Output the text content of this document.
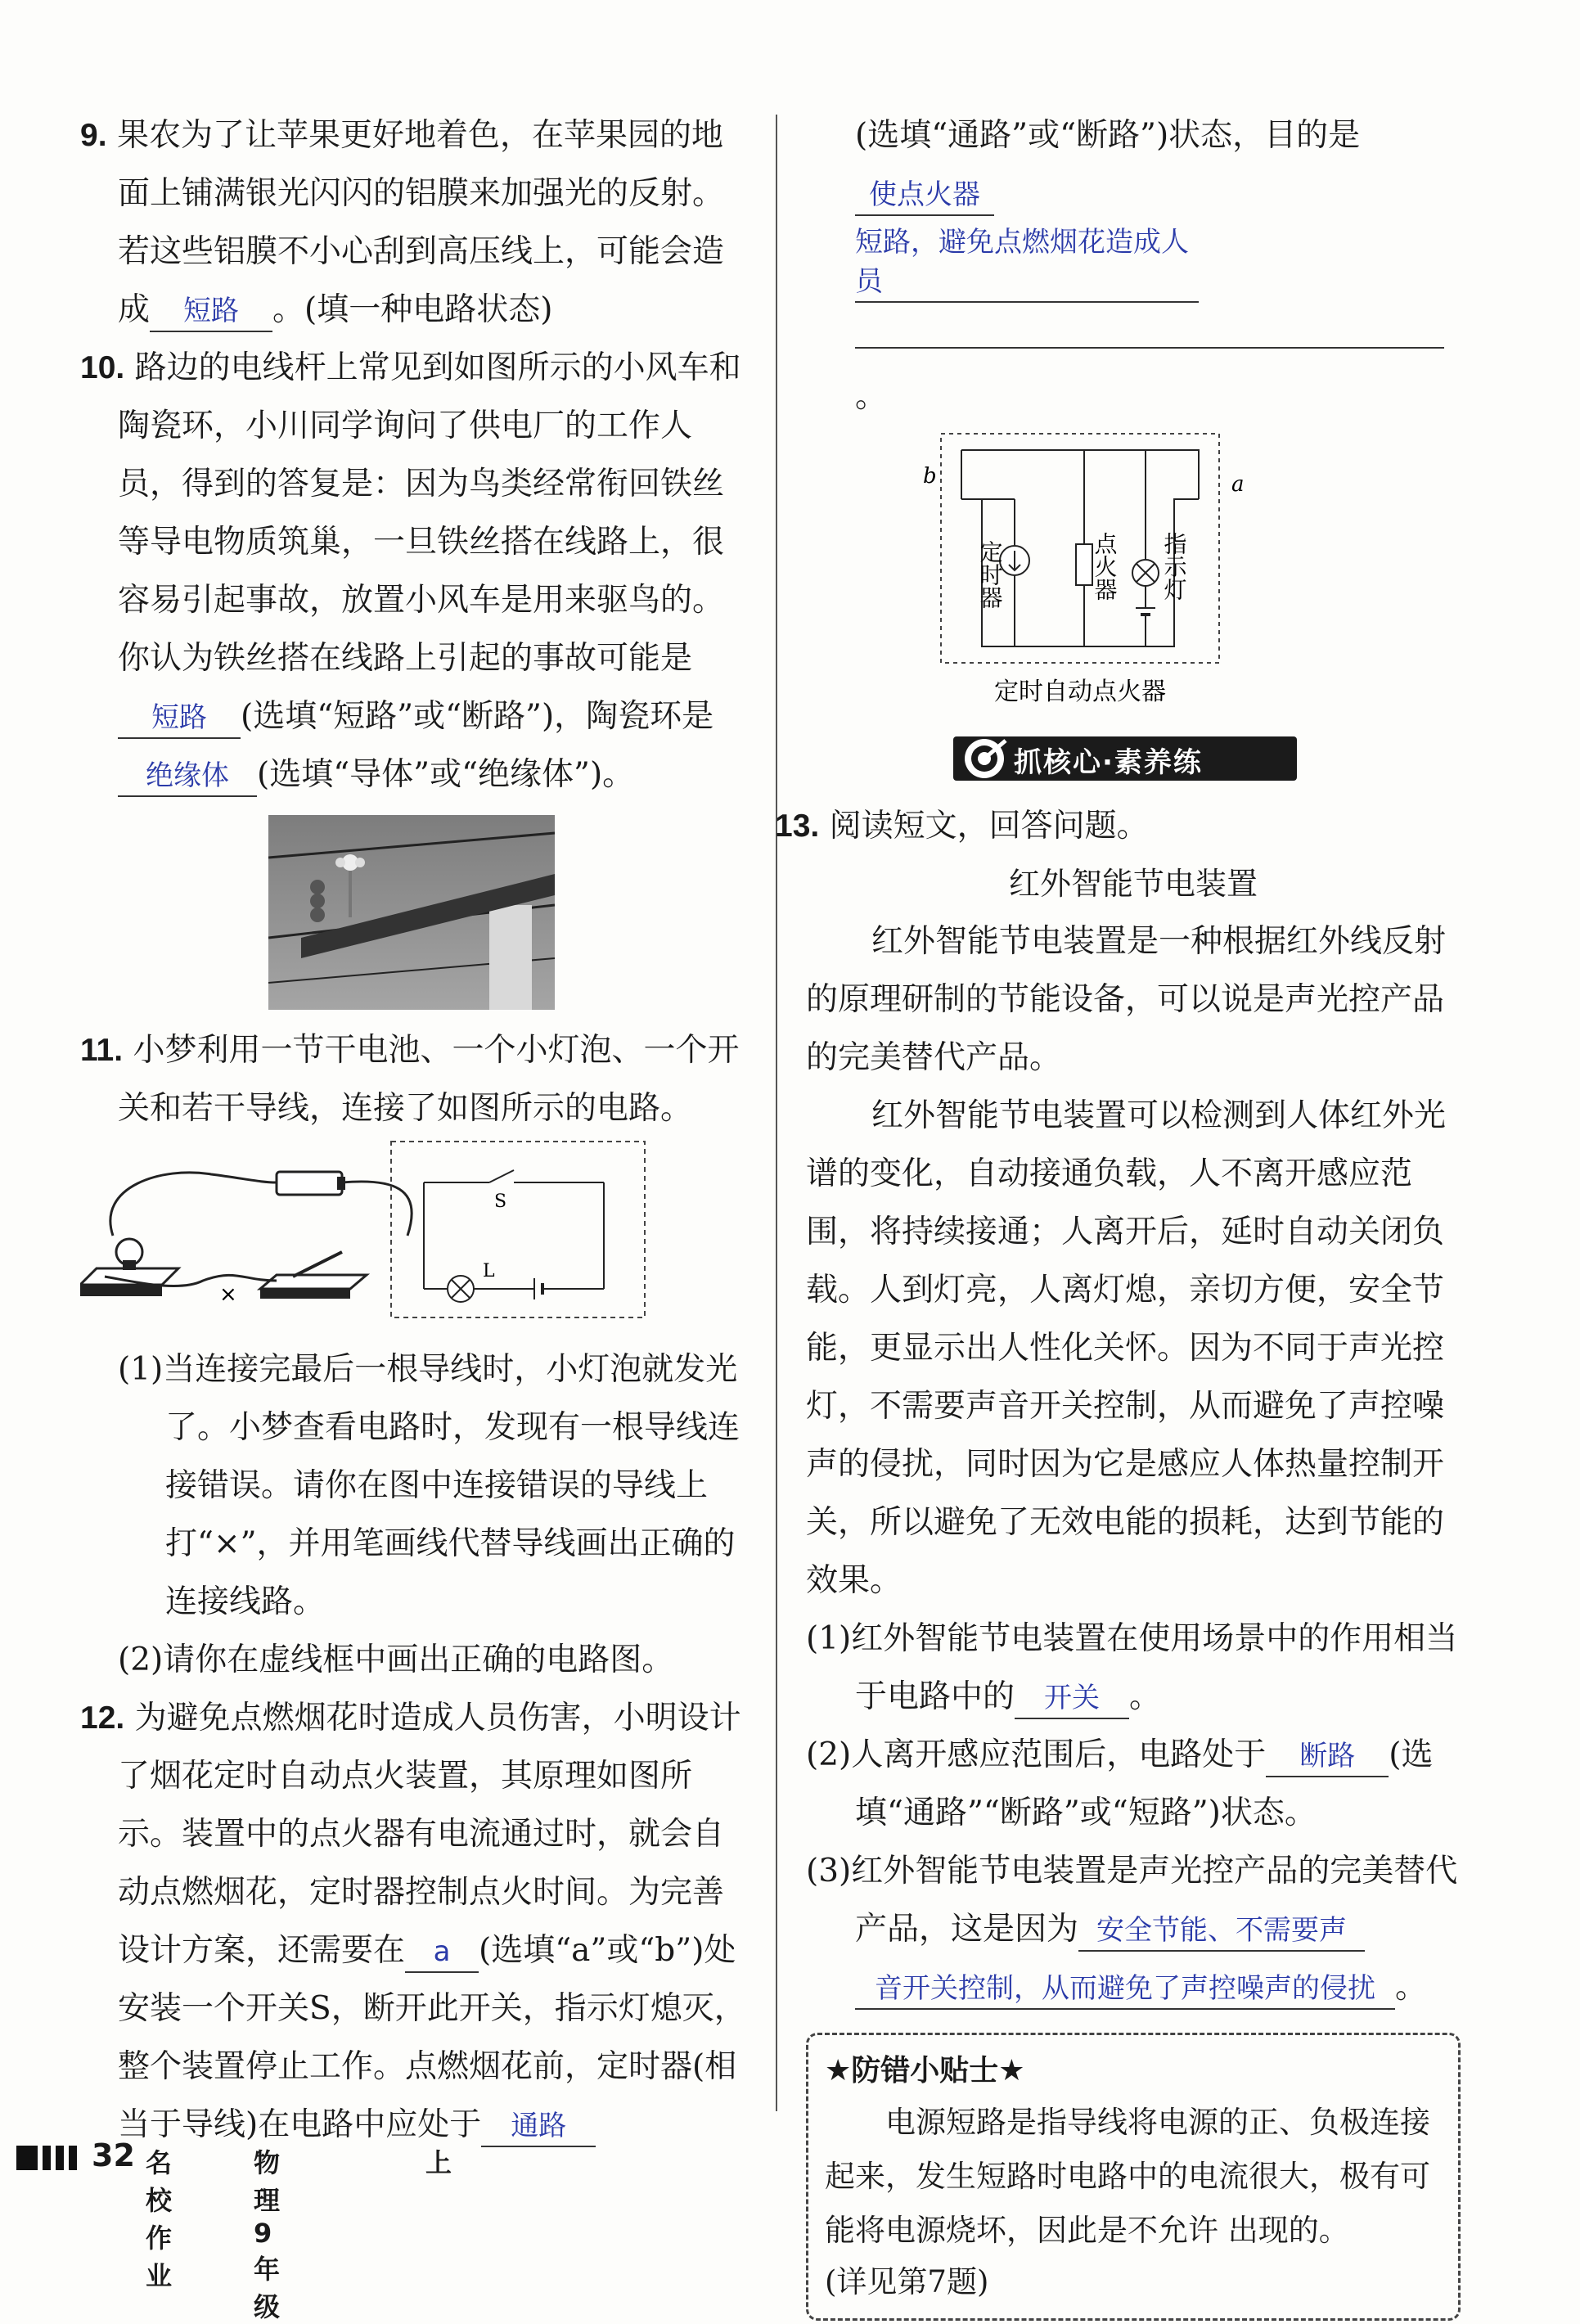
9. 果农为了让苹果更好地着色，在苹果园的地面上铺满银光闪闪的铝膜来加强光的反射。若这些铝膜不小心刮到高压线上，可能会造成 短路 。(填一种电路状态)
10. 路边的电线杆上常见到如图所示的小风车和陶瓷环，小川同学询问了供电厂的工作人员，得到的答复是：因为鸟类经常衔回铁丝等导电物质筑巢，一旦铁丝搭在线路上，很容易引起事故，放置小风车是用来驱鸟的。你认为铁丝搭在线路上引起的事故可能是短路 (选填“短路”或“断路”)，陶瓷环是绝缘体 (选填“导体”或“绝缘体”)。
11. 小梦利用一节干电池、一个小灯泡、一个开关和若干导线，连接了如图所示的电路。
×
S
L
(1)当连接完最后一根导线时，小灯泡就发光了。小梦查看电路时，发现有一根导线连接错误。请你在图中连接错误的导线上打“×”，并用笔画线代替导线画出正确的连接线路。
(2)请你在虚线框中画出正确的电路图。
12. 为避免点燃烟花时造成人员伤害，小明设计了烟花定时自动点火装置，其原理如图所示。装置中的点火器有电流通过时，就会自动点燃烟花，定时器控制点火时间。为完善设计方案，还需要在 a (选填“a”或“b”)处安装一个开关S，断开此开关，指示灯熄灭，整个装置停止工作。点燃烟花前，定时器(相当于导线)在电路中应处于 通路
(选填“通路”或“断路”)状态，目的是使点火器
短路，避免点燃烟花造成人员
。
b	a
定时器	点火器 指示灯
定时自动点火器
抓核心·素养练
13. 阅读短文，回答问题。
红外智能节电装置
红外智能节电装置是一种根据红外线反射的原理研制的节能设备，可以说是声光控产品的完美替代产品。
红外智能节电装置可以检测到人体红外光谱的变化，自动接通负载，人不离开感应范围，将持续接通；人离开后，延时自动关闭负载。人到灯亮，人离灯熄，亲切方便，安全节能，更显示出人性化关怀。因为不同于声光控灯，不需要声音开关控制，从而避免了声控噪声的侵扰，同时因为它是感应人体热量控制开关，所以避免了无效电能的损耗，达到节能的效果。
(1)红外智能节电装置在使用场景中的作用相当于电路中的 开关 。
(2)人离开感应范围后，电路处于 断路 (选填“通路”“断路”或“短路”)状态。
(3)红外智能节电装置是声光控产品的完美替代产品，这是因为 安全节能、不需要声
音开关控制，从而避免了声控噪声的侵扰 。
★防错小贴士★
电源短路是指导线将电源的正、负极连接起来，发生短路时电路中的电流很大，极有可能将电源烧坏，因此是不允许 出现的。
(详见第7题)
32 名校作业
物理9年级
上
